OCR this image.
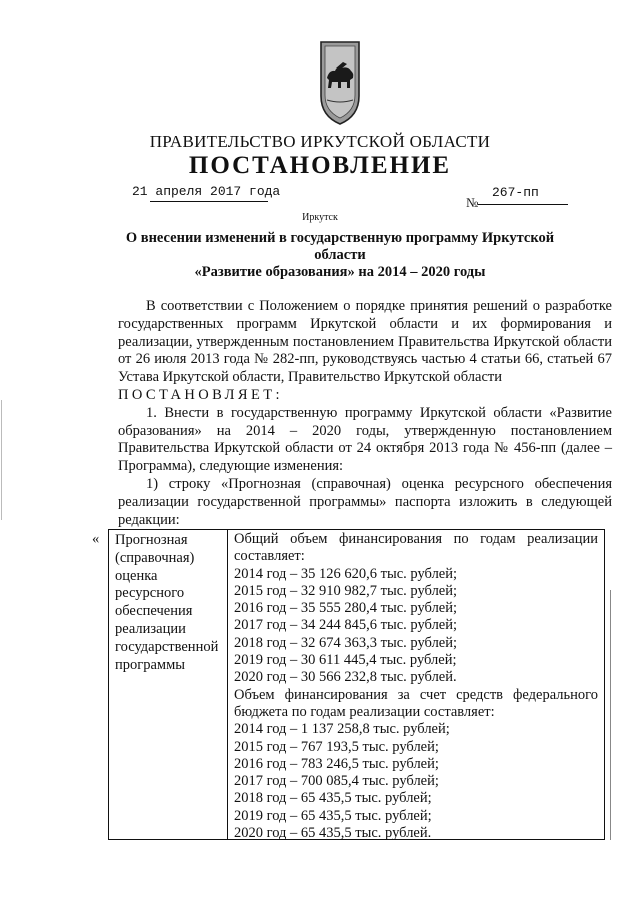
ПРАВИТЕЛЬСТВО ИРКУТСКОЙ ОБЛАСТИ
ПОСТАНОВЛЕНИЕ
21 апреля 2017 года
№
267-пп
Иркутск
О внесении изменений в государственную программу Иркутской области
«Развитие образования» на 2014 – 2020 годы

В соответствии с Положением о порядке принятия решений о разработке государственных программ Иркутской области и их формирования и реализации, утвержденным постановлением Правительства Иркутской области от 26 июля 2013 года № 282-пп, руководствуясь частью 4 статьи 66, статьей 67 Устава Иркутской области, Правительство Иркутской области

ПОСТАНОВЛЯЕТ:

1. Внести в государственную программу Иркутской области «Развитие образования» на 2014 – 2020 годы, утвержденную постановлением Правительства Иркутской области от 24 октября 2013 года № 456-пп (далее – Программа), следующие изменения:

1) строку «Прогнозная (справочная) оценка ресурсного обеспечения реализации государственной программы» паспорта изложить в следующей редакции:

« Прогнозная
(справочная)
оценка
ресурсного
обеспечения
реализации
государственной
программы
Общий объем финансирования по годам реализации составляет:
2014 год – 35 126 620,6 тыс. рублей;
2015 год – 32 910 982,7 тыс. рублей;
2016 год – 35 555 280,4 тыс. рублей;
2017 год – 34 244 845,6 тыс. рублей;
2018 год – 32 674 363,3 тыс. рублей;
2019 год – 30 611 445,4 тыс. рублей;
2020 год – 30 566 232,8 тыс. рублей.
Объем финансирования за счет средств федерального бюджета по годам реализации составляет:
2014 год – 1 137 258,8 тыс. рублей;
2015 год – 767 193,5 тыс. рублей;
2016 год – 783 246,5 тыс. рублей;
2017 год – 700 085,4 тыс. рублей;
2018 год – 65 435,5 тыс. рублей;
2019 год – 65 435,5 тыс. рублей;
2020 год – 65 435,5 тыс. рублей.
